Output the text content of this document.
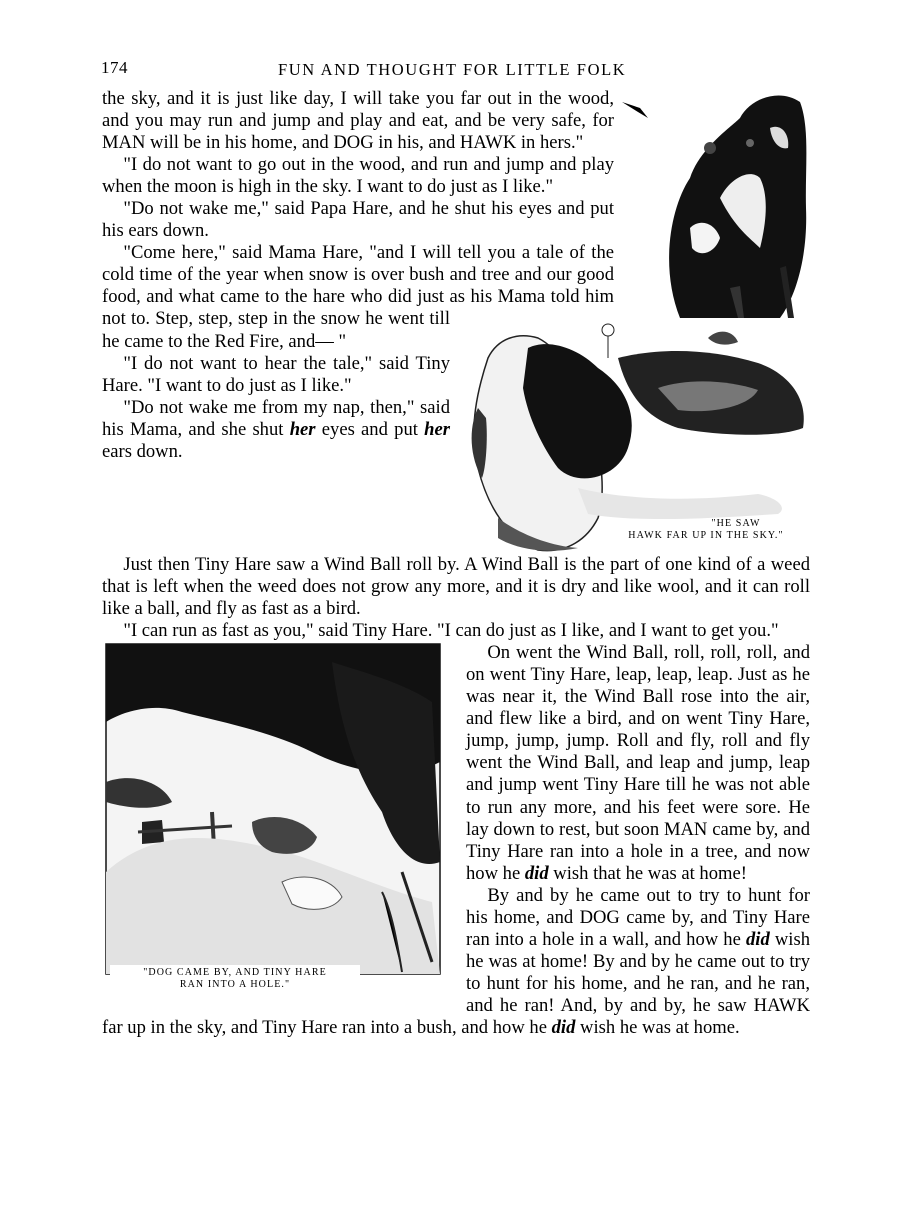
174	FUN AND THOUGHT FOR LITTLE FOLK
"HE SAW
HAWK FAR UP IN THE SKY."

the sky, and it is just like day, I will take you far out in the wood, and you may run and jump and play and eat, and be very safe, for MAN will be in his home, and DOG in his, and HAWK in hers."

"I do not want to go out in the wood, and run and jump and play when the moon is high in the sky. I want to do just as I like."

"Do not wake me," said Papa Hare, and he shut his eyes and put his ears down.

"Come here," said Mama Hare, "and I will tell you a tale of the cold time of the year when snow is over bush and tree and our good food, and what came to the hare who did just as his Mama told him not to. Step, step, step in the snow he went till he came to the Red Fire, and— "

"I do not want to hear the tale," said Tiny Hare. "I want to do just as I like."

"Do not wake me from my nap, then," said his Mama, and she shut her eyes and put her ears down.

Just then Tiny Hare saw a Wind Ball roll by. A Wind Ball is the part of one kind of a weed that is left when the weed does not grow any more, and it is dry and like wool, and it can roll like a ball, and fly as fast as a bird.

"I can run as fast as you," said Tiny Hare. "I can do just as I like, and I want to get you."

"DOG CAME BY, AND TINY HARE
RAN INTO A HOLE."

On went the Wind Ball, roll, roll, roll, and on went Tiny Hare, leap, leap, leap. Just as he was near it, the Wind Ball rose into the air, and flew like a bird, and on went Tiny Hare, jump, jump, jump. Roll and fly, roll and fly went the Wind Ball, and leap and jump, leap and jump went Tiny Hare till he was not able to run any more, and his feet were sore. He lay down to rest, but soon MAN came by, and Tiny Hare ran into a hole in a tree, and now how he did wish that he was at home!

By and by he came out to try to hunt for his home, and DOG came by, and Tiny Hare ran into a hole in a wall, and how he did wish he was at home! By and by he came out to try to hunt for his home, and he ran, and he ran, and he ran! And, by and by, he saw HAWK far up in the sky, and Tiny Hare ran into a bush, and how he did wish he was at home.
